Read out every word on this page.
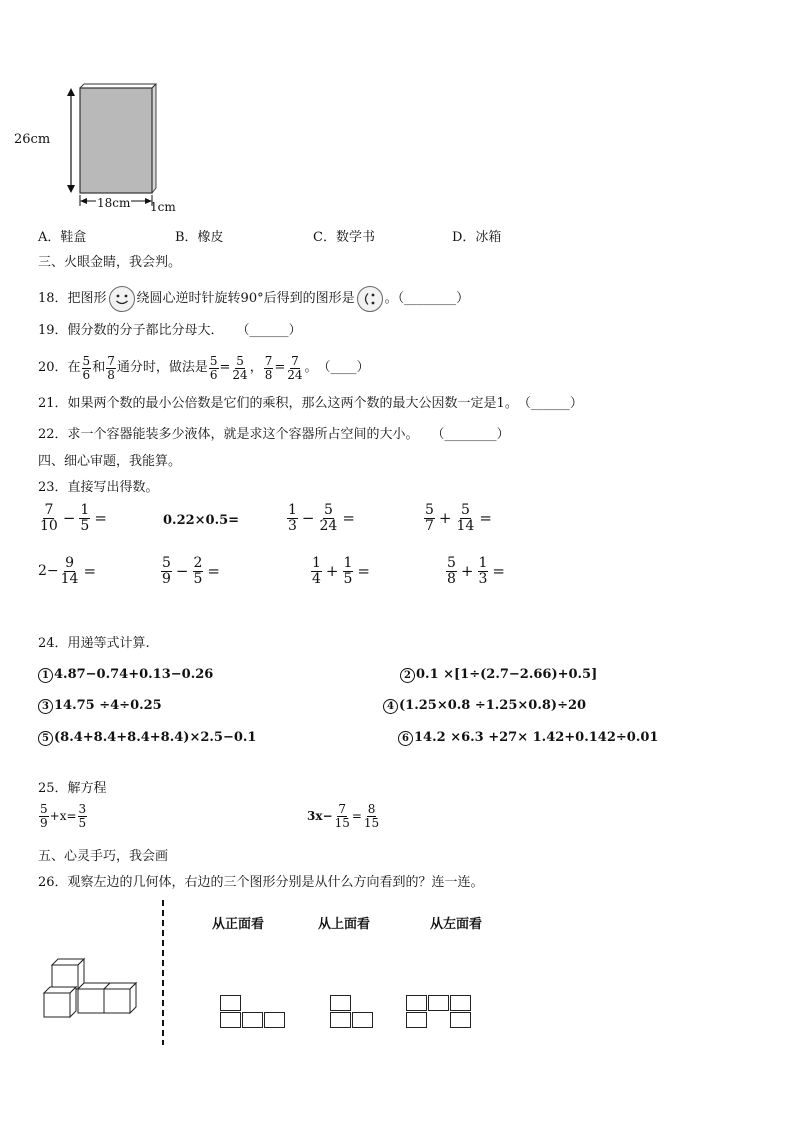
26cm
18cm 1cm
A．鞋盒	B．橡皮	C．数学书	D．冰箱
三、火眼金睛，我会判。
18．把图形 绕圆心逆时针旋转90°后得到的图形是 。（________）
19．假分数的分子都比分母大．　　（______）
20．在 $\frac{5}{6}$ 和 $\frac{7}{8}$ 通分时，做法是 $\frac{5}{6} = \frac{5}{24}$ ， $\frac{7}{8} = \frac{7}{24}$ 。　（____）
21．如果两个数的最小公倍数是它们的乘积，那么这两个数的最大公因数一定是1。　（______）
22．求一个容器能装多少液体，就是求这个容器所占空间的大小。　　（________）
四、细心审题，我能算。
23．直接写出得数。
$\frac{7}{10} - \frac{1}{5}$ =	0.22×0.5=	$\frac{1}{3} - \frac{5}{24}$ =	$\frac{5}{7} + \frac{5}{14}$ =
$2- \frac{9}{14}$ =	$\frac{5}{9} - \frac{2}{5}$ =	$\frac{1}{4} + \frac{1}{5}$ =	$\frac{5}{8} + \frac{1}{3}$ =
24．用递等式计算.
1 4.87−0.74+0.13−0.26	2 0.1 ×[1÷(2.7−2.66)+0.5]
3 14.75 ÷4÷0.25	4 (1.25×0.8 ÷1.25×0.8)÷20
5 (8.4+8.4+8.4+8.4)×2.5−0.1	6 14.2 ×6.3 +27× 1.42+0.142÷0.01
25．解方程
$\frac{5}{9} +x= \frac{3}{5}$	$3x- \frac{7}{15} = \frac{8}{15}$
五、心灵手巧，我会画
26．观察左边的几何体，右边的三个图形分别是从什么方向看到的？连一连。
从正面看	从上面看	从左面看
